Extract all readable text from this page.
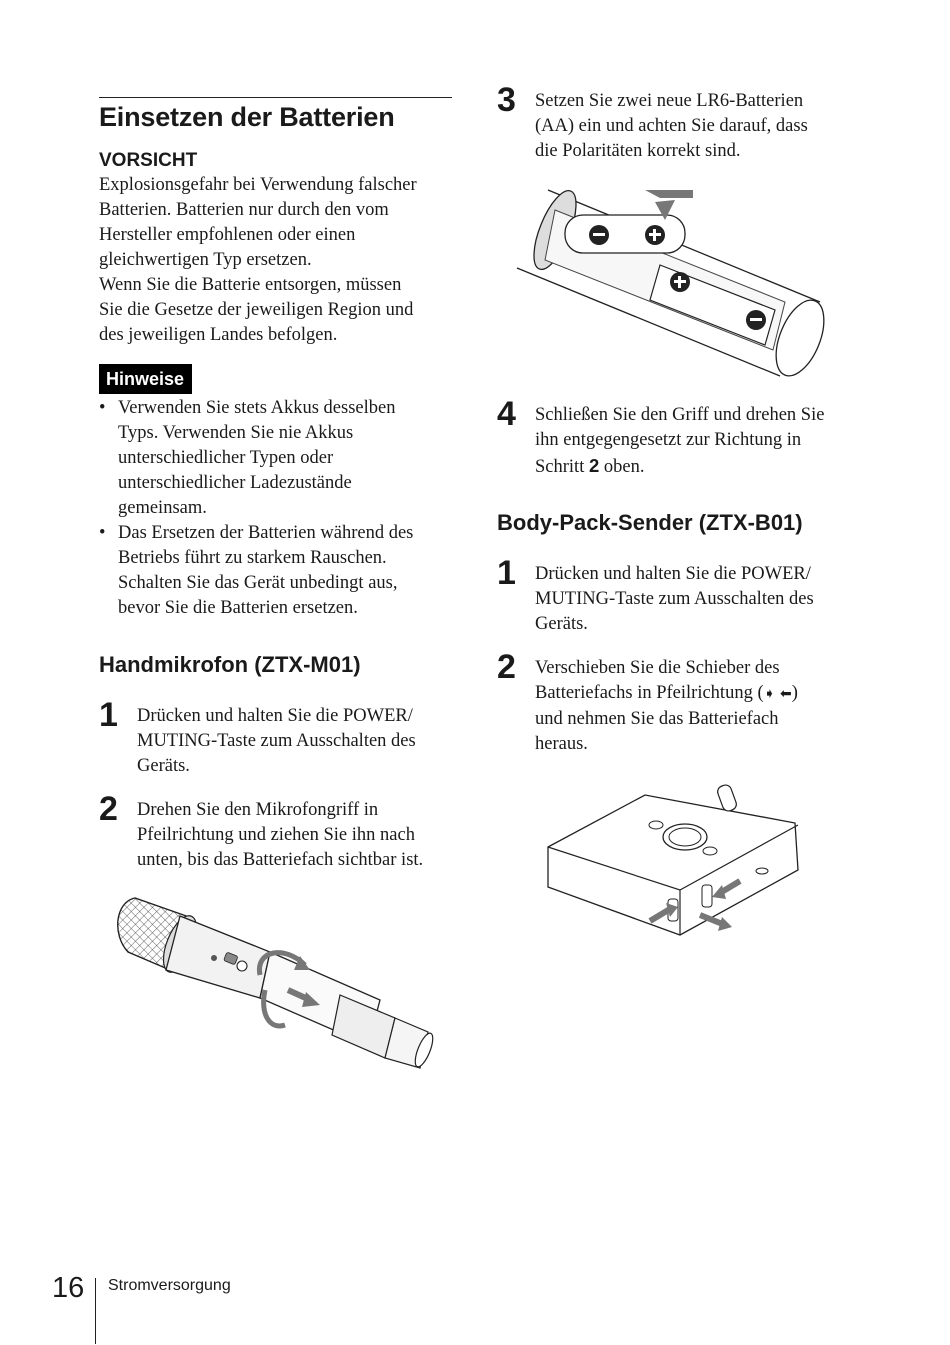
Einsetzen der Batterien
VORSICHT
Explosionsgefahr bei Verwendung falscher
Batterien. Batterien nur durch den vom
Hersteller empfohlenen oder einen
gleichwertigen Typ ersetzen.
Wenn Sie die Batterie entsorgen, müssen
Sie die Gesetze der jeweiligen Region und
des jeweiligen Landes befolgen.
Hinweise
• Verwenden Sie stets Akkus desselben
Typs. Verwenden Sie nie Akkus
unterschiedlicher Typen oder
unterschiedlicher Ladezustände
gemeinsam.
• Das Ersetzen der Batterien während des
Betriebs führt zu starkem Rauschen.
Schalten Sie das Gerät unbedingt aus,
bevor Sie die Batterien ersetzen.
Handmikrofon (ZTX-M01)
1 Drücken und halten Sie die POWER/
MUTING-Taste zum Ausschalten des
Geräts.
2 Drehen Sie den Mikrofongriff in
Pfeilrichtung und ziehen Sie ihn nach
unten, bis das Batteriefach sichtbar ist.
3 Setzen Sie zwei neue LR6-Batterien
(AA) ein und achten Sie darauf, dass
die Polaritäten korrekt sind.
4 Schließen Sie den Griff und drehen Sie
ihn entgegengesetzt zur Richtung in
Schritt 2 oben.
Body-Pack-Sender (ZTX-B01)
1 Drücken und halten Sie die POWER/
MUTING-Taste zum Ausschalten des
Geräts.
2 Verschieben Sie die Schieber des
Batteriefachs in Pfeilrichtung (➧ ⬅)
und nehmen Sie das Batteriefach
heraus.
16 Stromversorgung
